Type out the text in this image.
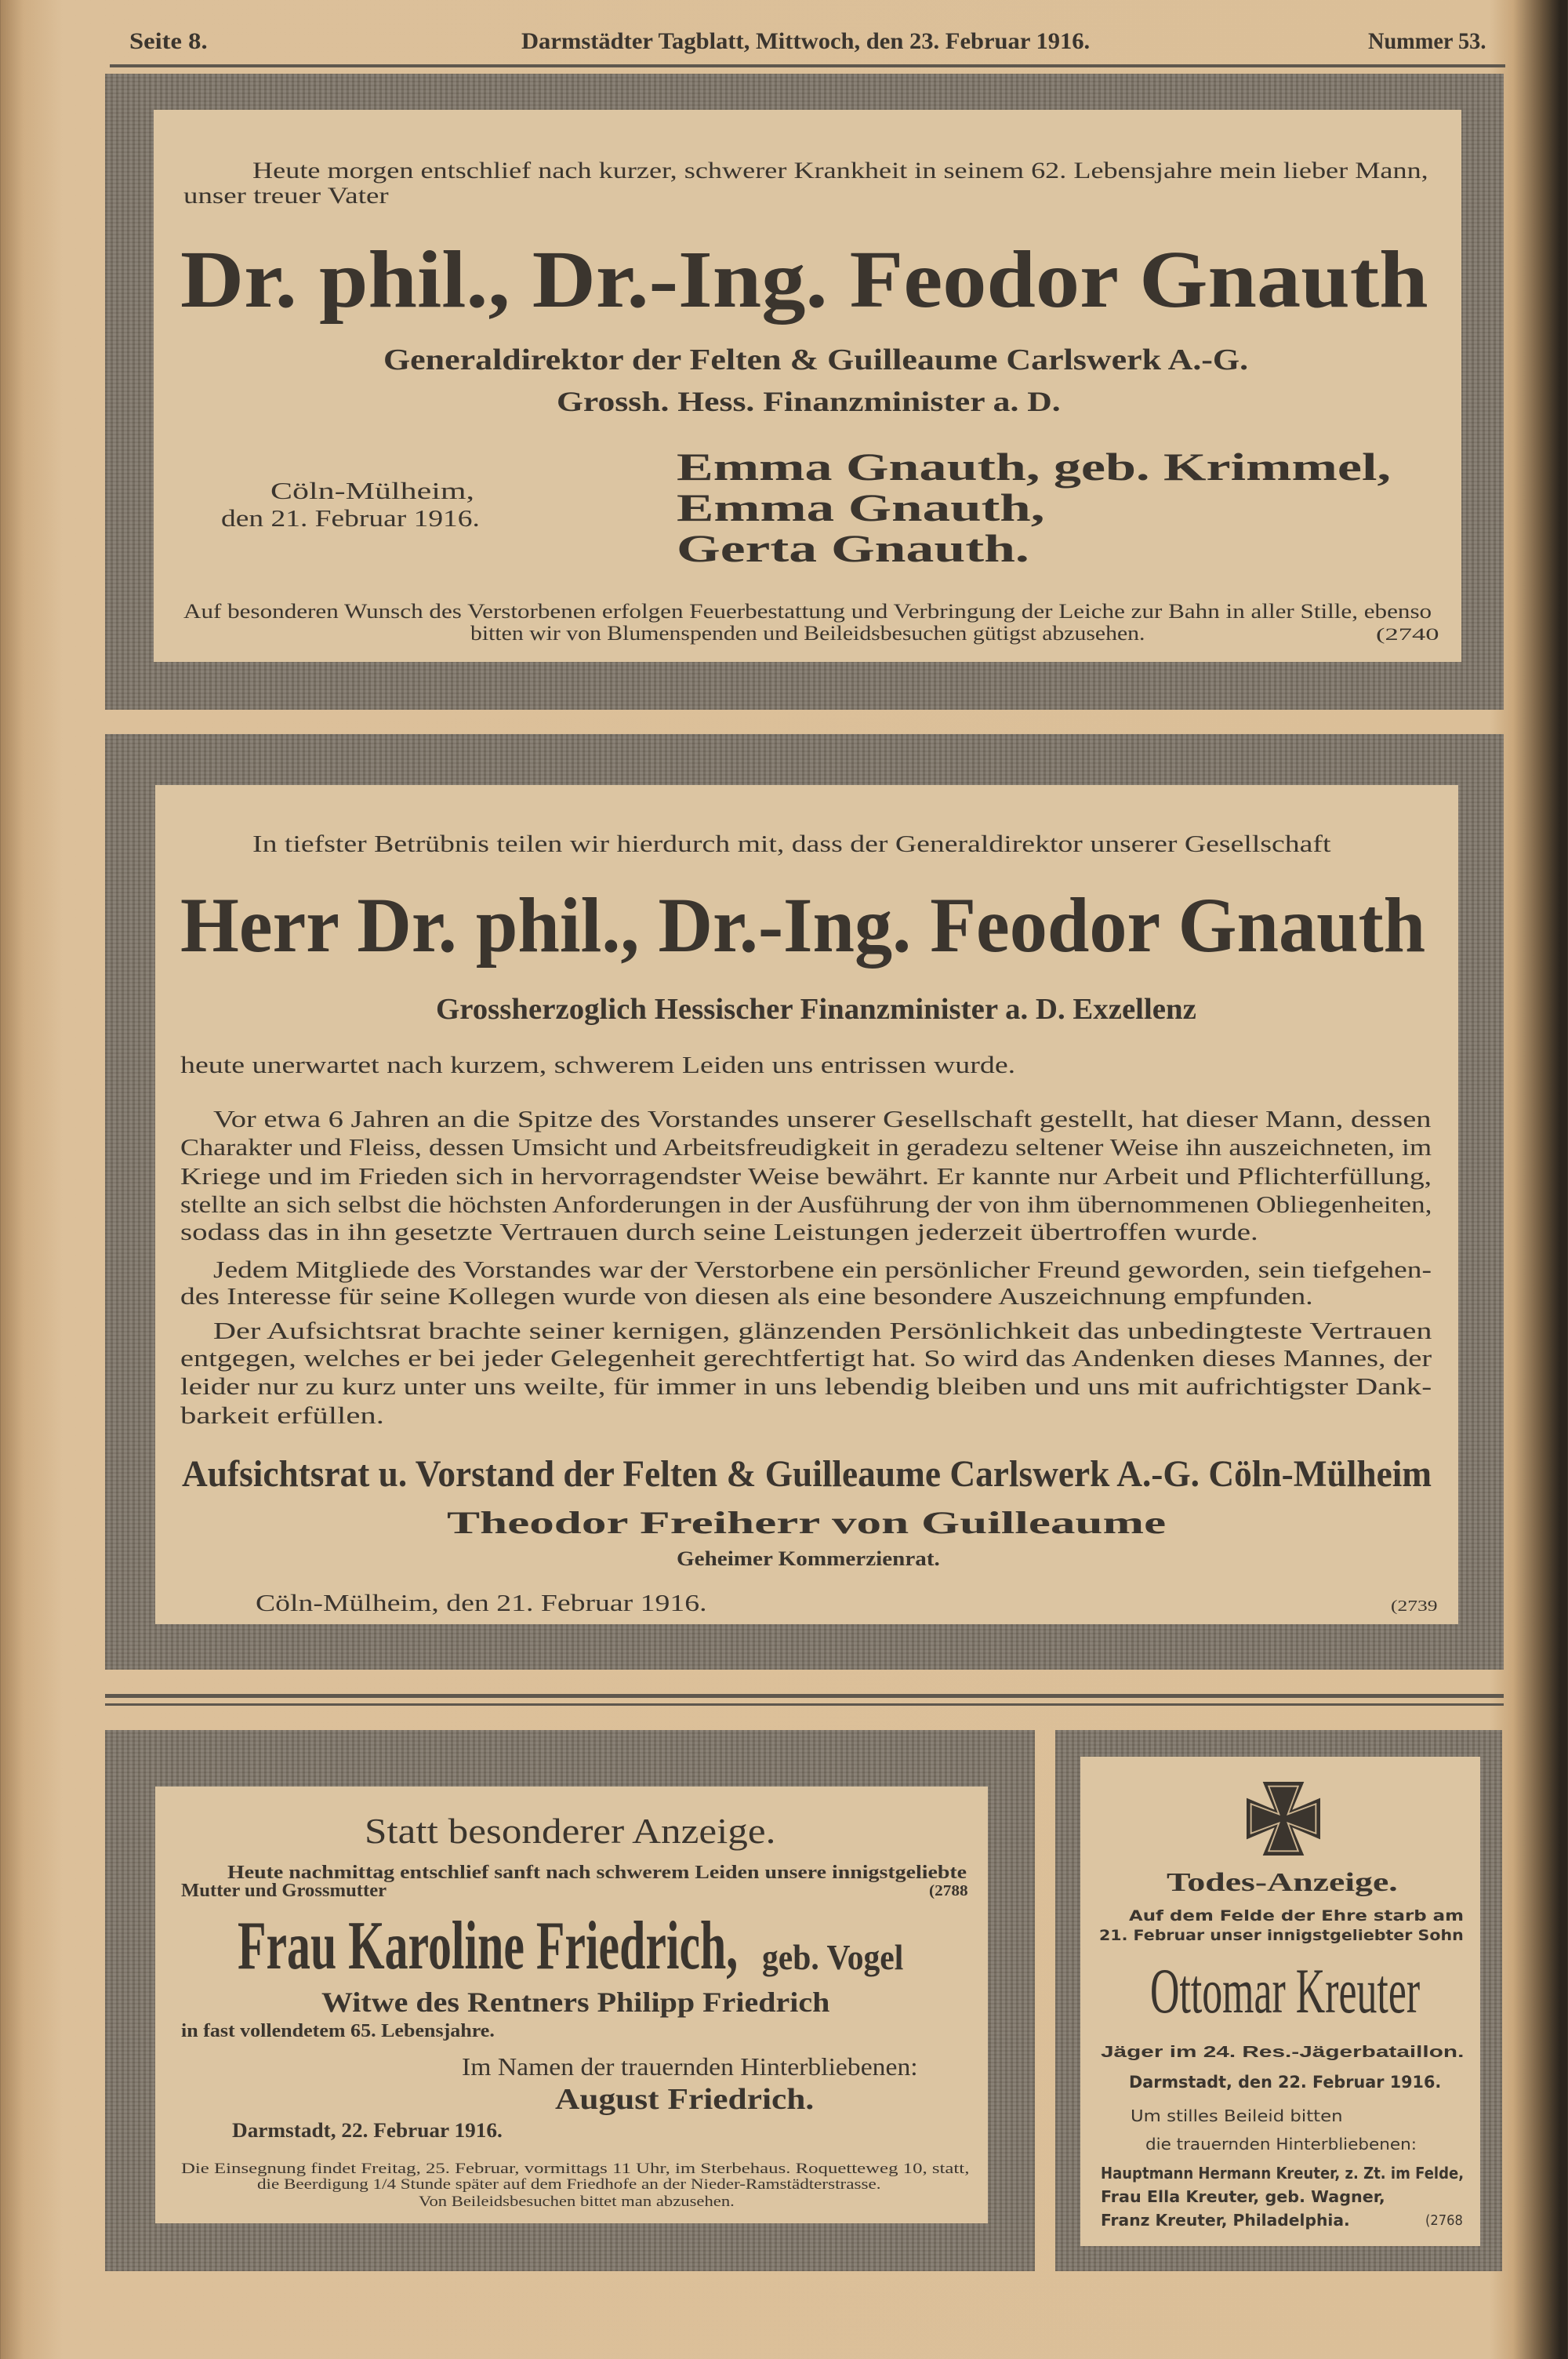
Seite 8.	Darmstädter Tagblatt, Mittwoch, den 23. Februar 1916.	Nummer 53.
Heute morgen entschlief nach kurzer, schwerer Krankheit in seinem 62. Lebensjahre mein lieber Mann,
unser treuer Vater
Dr. phil., Dr.-Ing. Feodor Gnauth
Generaldirektor der Felten & Guilleaume Carlswerk A.-G.
Grossh. Hess. Finanzminister a. D.
Cöln-Mülheim,
den 21. Februar 1916.
Emma Gnauth, geb. Krimmel,
Emma Gnauth,
Gerta Gnauth.
Auf besonderen Wunsch des Verstorbenen erfolgen Feuerbestattung und Verbringung der Leiche zur Bahn in aller Stille, ebenso
bitten wir von Blumenspenden und Beileidsbesuchen gütigst abzusehen.	(2740
In tiefster Betrübnis teilen wir hierdurch mit, dass der Generaldirektor unserer Gesellschaft
Herr Dr. phil., Dr.-Ing. Feodor Gnauth
Grossherzoglich Hessischer Finanzminister a. D. Exzellenz
heute unerwartet nach kurzem, schwerem Leiden uns entrissen wurde.
Vor etwa 6 Jahren an die Spitze des Vorstandes unserer Gesellschaft gestellt, hat dieser Mann, dessen
Charakter und Fleiss, dessen Umsicht und Arbeitsfreudigkeit in geradezu seltener Weise ihn auszeichneten, im
Kriege und im Frieden sich in hervorragendster Weise bewährt. Er kannte nur Arbeit und Pflichterfüllung,
stellte an sich selbst die höchsten Anforderungen in der Ausführung der von ihm übernommenen Obliegenheiten,
sodass das in ihn gesetzte Vertrauen durch seine Leistungen jederzeit übertroffen wurde.
Jedem Mitgliede des Vorstandes war der Verstorbene ein persönlicher Freund geworden, sein tiefgehen-
des Interesse für seine Kollegen wurde von diesen als eine besondere Auszeichnung empfunden.
Der Aufsichtsrat brachte seiner kernigen, glänzenden Persönlichkeit das unbedingteste Vertrauen
entgegen, welches er bei jeder Gelegenheit gerechtfertigt hat. So wird das Andenken dieses Mannes, der
leider nur zu kurz unter uns weilte, für immer in uns lebendig bleiben und uns mit aufrichtigster Dank-
barkeit erfüllen.
Aufsichtsrat u. Vorstand der Felten & Guilleaume Carlswerk A.-G. Cöln-Mülheim
Theodor Freiherr von Guilleaume
Geheimer Kommerzienrat.
Cöln-Mülheim, den 21. Februar 1916.	(2739
Statt besonderer Anzeige.
Heute nachmittag entschlief sanft nach schwerem Leiden unsere innigstgeliebte
Mutter und Grossmutter	(2788
Frau Karoline Friedrich, geb. Vogel
Witwe des Rentners Philipp Friedrich
in fast vollendetem 65. Lebensjahre.
Im Namen der trauernden Hinterbliebenen:
August Friedrich.
Darmstadt, 22. Februar 1916.
Die Einsegnung findet Freitag, 25. Februar, vormittags 11 Uhr, im Sterbehaus. Roquetteweg 10, statt,
die Beerdigung 1/4 Stunde später auf dem Friedhofe an der Nieder-Ramstädterstrasse.
Von Beileidsbesuchen bittet man abzusehen.
Todes-Anzeige.
Auf dem Felde der Ehre starb am
21. Februar unser innigstgeliebter Sohn
Ottomar Kreuter
Jäger im 24. Res.-Jägerbataillon.
Darmstadt, den 22. Februar 1916.
Um stilles Beileid bitten
die trauernden Hinterbliebenen:
Hauptmann Hermann Kreuter, z. Zt. im Felde,
Frau Ella Kreuter, geb. Wagner,
Franz Kreuter, Philadelphia.	(2768
